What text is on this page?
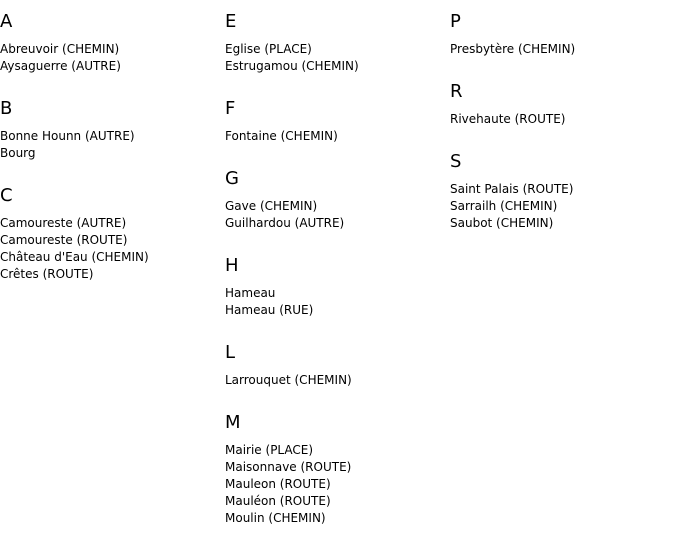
A
Abreuvoir (CHEMIN)
Aysaguerre (AUTRE)
B
Bonne Hounn (AUTRE)
Bourg
C
Camoureste (AUTRE)
Camoureste (ROUTE)
Château d'Eau (CHEMIN)
Crêtes (ROUTE)
E
Eglise (PLACE)
Estrugamou (CHEMIN)
F
Fontaine (CHEMIN)
G
Gave (CHEMIN)
Guilhardou (AUTRE)
H
Hameau
Hameau (RUE)
L
Larrouquet (CHEMIN)
M
Mairie (PLACE)
Maisonnave (ROUTE)
Mauleon (ROUTE)
Mauléon (ROUTE)
Moulin (CHEMIN)
P
Presbytère (CHEMIN)
R
Rivehaute (ROUTE)
S
Saint Palais (ROUTE)
Sarrailh (CHEMIN)
Saubot (CHEMIN)
